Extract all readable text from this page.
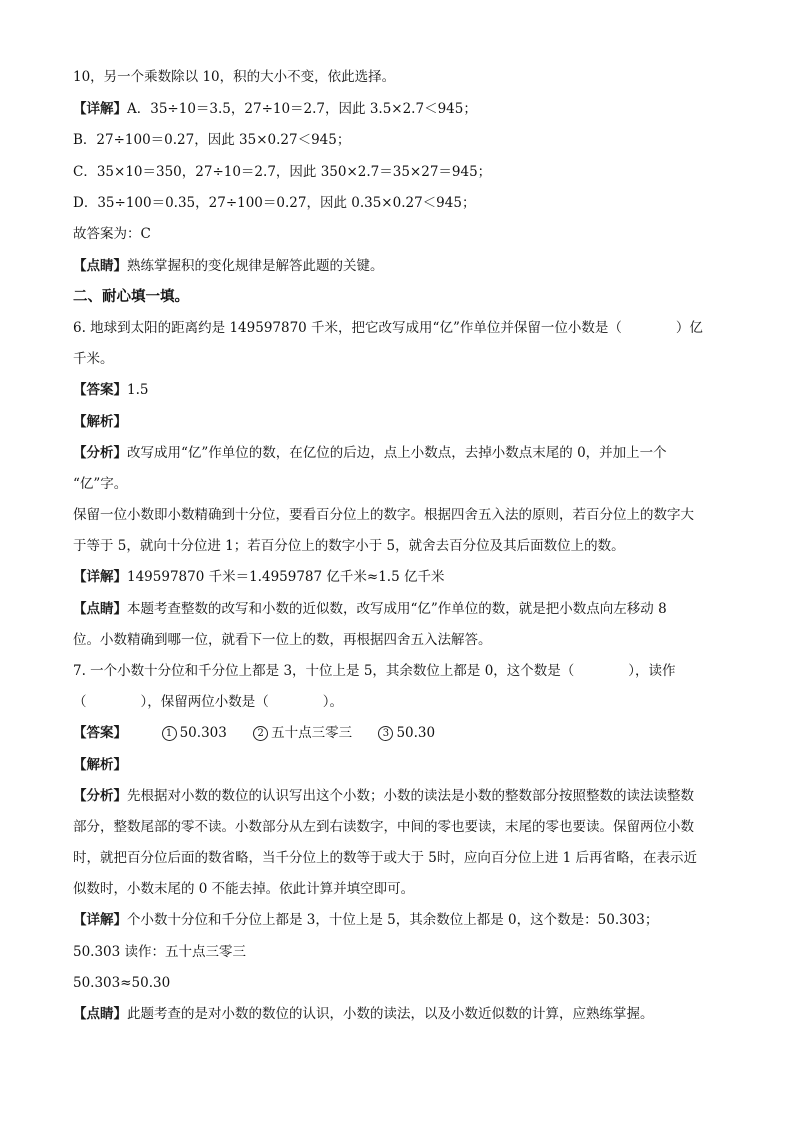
10，另一个乘数除以 10，积的大小不变，依此选择。
【详解】A．35÷10＝3.5，27÷10＝2.7，因此 3.5×2.7＜945；
B．27÷100＝0.27，因此 35×0.27＜945；
C．35×10＝350，27÷10＝2.7，因此 350×2.7＝35×27＝945；
D．35÷100＝0.35，27÷100＝0.27，因此 0.35×0.27＜945；
故答案为：C
【点睛】熟练掌握积的变化规律是解答此题的关键。
二、耐心填一填。
6. 地球到太阳的距离约是 149597870 千米，把它改写成用“亿”作单位并保留一位小数是（　　　　）亿
千米。
【答案】1.5
【解析】
【分析】改写成用“亿”作单位的数，在亿位的后边，点上小数点，去掉小数点末尾的 0，并加上一个
“亿”字。
保留一位小数即小数精确到十分位，要看百分位上的数字。根据四舍五入法的原则，若百分位上的数字大
于等于 5，就向十分位进 1；若百分位上的数字小于 5，就舍去百分位及其后面数位上的数。
【详解】149597870 千米＝1.4959787 亿千米≈1.5 亿千米
【点睛】本题考查整数的改写和小数的近似数，改写成用“亿”作单位的数，就是把小数点向左移动 8
位。小数精确到哪一位，就看下一位上的数，再根据四舍五入法解答。
7. 一个小数十分位和千分位上都是 3，十位上是 5，其余数位上都是 0，这个数是（　　　　），读作
（　　　　），保留两位小数是（　　　　）。
【答案】	1 50.303	2 五十点三零三	3 50.30
【解析】
【分析】先根据对小数的数位的认识写出这个小数；小数的读法是小数的整数部分按照整数的读法读整数
部分，整数尾部的零不读。小数部分从左到右读数字，中间的零也要读，末尾的零也要读。保留两位小数
时，就把百分位后面的数省略，当千分位上的数等于或大于 5时，应向百分位上进 1 后再省略，在表示近
似数时，小数末尾的 0 不能去掉。依此计算并填空即可。
【详解】个小数十分位和千分位上都是 3，十位上是 5，其余数位上都是 0，这个数是：50.303；
50.303 读作：五十点三零三
50.303≈50.30
【点睛】此题考查的是对小数的数位的认识，小数的读法，以及小数近似数的计算，应熟练掌握。
